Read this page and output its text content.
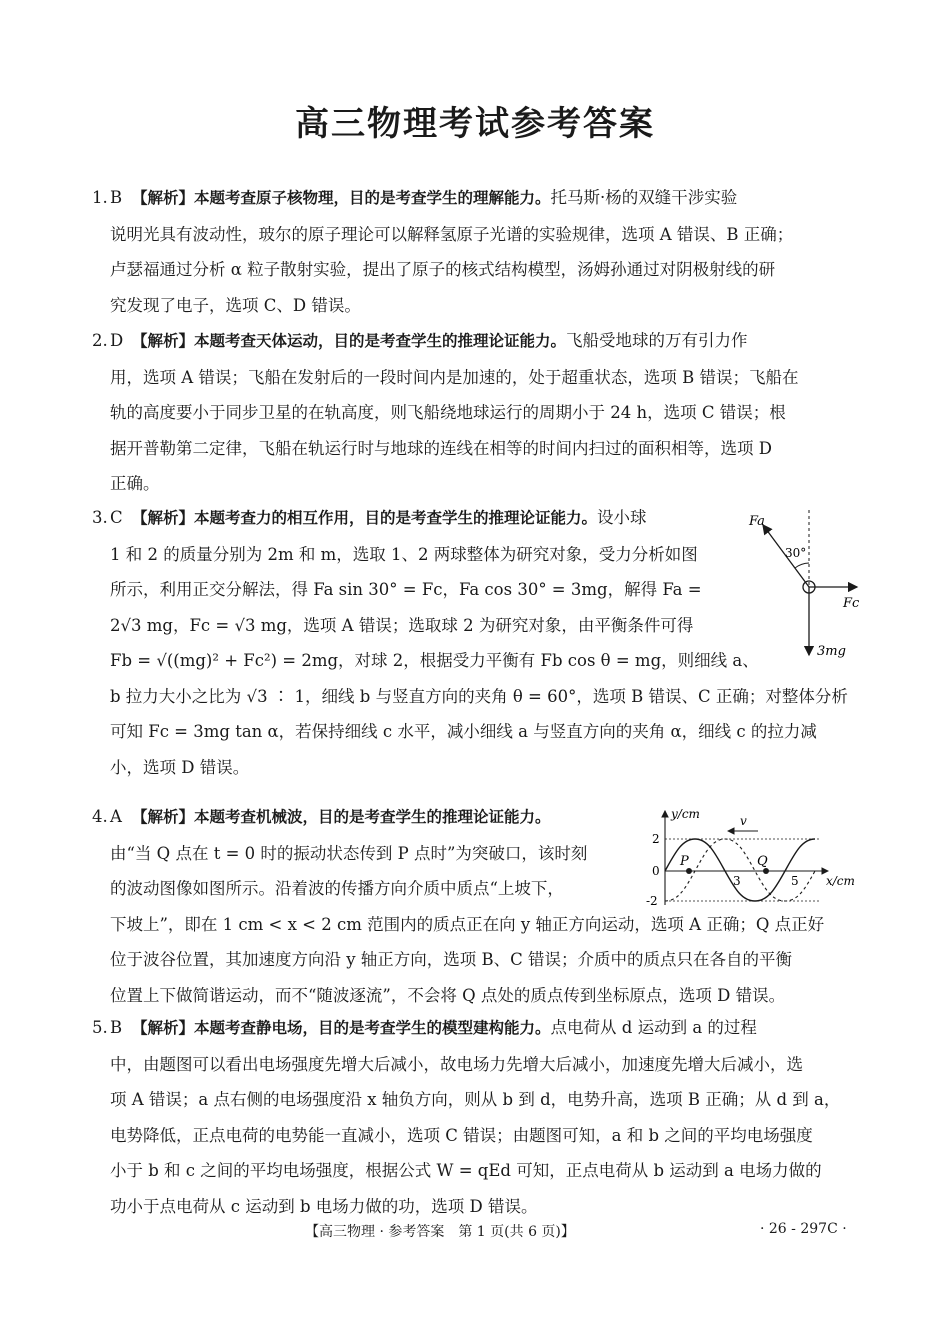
高三物理考试参考答案

1. B 【解析】本题考查原子核物理，目的是考查学生的理解能力。托马斯·杨的双缝干涉实验

说明光具有波动性，玻尔的原子理论可以解释氢原子光谱的实验规律，选项 A 错误、B 正确；

卢瑟福通过分析 α 粒子散射实验，提出了原子的核式结构模型，汤姆孙通过对阴极射线的研

究发现了电子，选项 C、D 错误。

2. D 【解析】本题考查天体运动，目的是考查学生的推理论证能力。飞船受地球的万有引力作

用，选项 A 错误；飞船在发射后的一段时间内是加速的，处于超重状态，选项 B 错误；飞船在

轨的高度要小于同步卫星的在轨高度，则飞船绕地球运行的周期小于 24 h，选项 C 错误；根

据开普勒第二定律，飞船在轨运行时与地球的连线在相等的时间内扫过的面积相等，选项 D

正确。

3. C 【解析】本题考查力的相互作用，目的是考查学生的推理论证能力。设小球

1 和 2 的质量分别为 2m 和 m，选取 1、2 两球整体为研究对象，受力分析如图

所示，利用正交分解法，得 Fa sin 30° = Fc，Fa cos 30° = 3mg，解得 Fa =

2√3 mg，Fc = √3 mg，选项 A 错误；选取球 2 为研究对象，由平衡条件可得

Fb = √((mg)² + Fc²) = 2mg，对球 2，根据受力平衡有 Fb cos θ = mg，则细线 a、

b 拉力大小之比为 √3 ∶ 1，细线 b 与竖直方向的夹角 θ = 60°，选项 B 错误、C 正确；对整体分析

可知 Fc = 3mg tan α，若保持细线 c 水平，减小细线 a 与竖直方向的夹角 α，细线 c 的拉力减

小，选项 D 错误。

Fa
30°
Fc
3mg

4. A 【解析】本题考查机械波，目的是考查学生的推理论证能力。

由“当 Q 点在 t = 0 时的振动状态传到 P 点时”为突破口，该时刻

的波动图像如图所示。沿着波的传播方向介质中质点“上坡下，

下坡上”，即在 1 cm < x < 2 cm 范围内的质点正在向 y 轴正方向运动，选项 A 正确；Q 点正好

位于波谷位置，其加速度方向沿 y 轴正方向，选项 B、C 错误；介质中的质点只在各自的平衡

位置上下做简谐运动，而不“随波逐流”，不会将 Q 点处的质点传到坐标原点，选项 D 错误。

y/cm
x/cm
v
P	Q
2
-2
0
3	5

5. B 【解析】本题考查静电场，目的是考查学生的模型建构能力。点电荷从 d 运动到 a 的过程

中，由题图可以看出电场强度先增大后减小，故电场力先增大后减小，加速度先增大后减小，选

项 A 错误；a 点右侧的电场强度沿 x 轴负方向，则从 b 到 d，电势升高，选项 B 正确；从 d 到 a，

电势降低，正点电荷的电势能一直减小，选项 C 错误；由题图可知，a 和 b 之间的平均电场强度

小于 b 和 c 之间的平均电场强度，根据公式 W = qEd 可知，正点电荷从 b 运动到 a 电场力做的

功小于点电荷从 c 运动到 b 电场力做的功，选项 D 错误。

【高三物理 · 参考答案　第 1 页(共 6 页)】	· 26 - 297C ·
